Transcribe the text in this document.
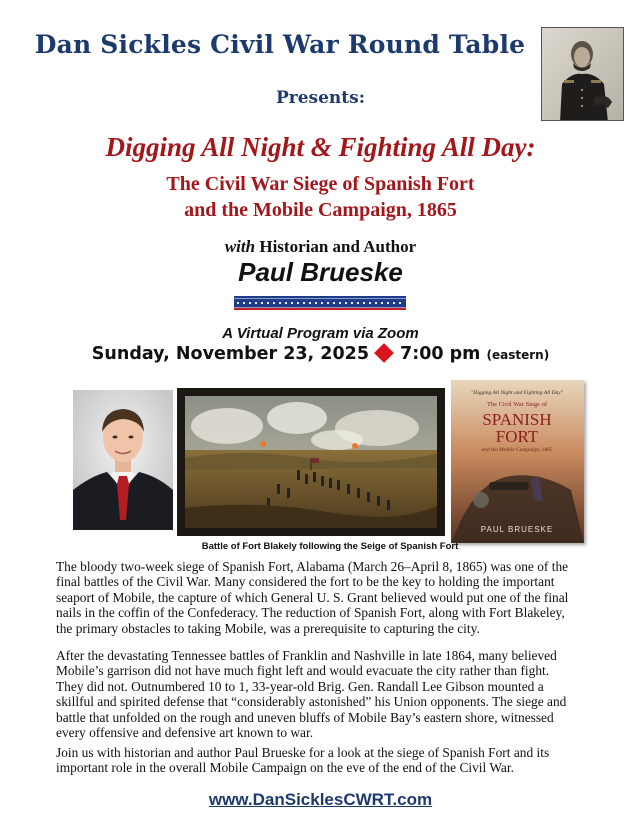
Dan Sickles Civil War Round Table
Presents:
Digging All Night & Fighting All Day:
The Civil War Siege of Spanish Fort
and the Mobile Campaign, 1865
with Historian and Author
Paul Brueske
A Virtual Program via Zoom
Sunday, November 23, 2025 7:00 pm (eastern)
"Digging All Night and Fighting All Day"
The Civil War Siege of
SPANISH
FORT
and the Mobile Campaign, 1865
PAUL BRUESKE
Battle of Fort Blakely following the Seige of Spanish Fort
The bloody two-week siege of Spanish Fort, Alabama (March 26–April 8, 1865) was one of the
final battles of the Civil War. Many considered the fort to be the key to holding the important
seaport of Mobile, the capture of which General U. S. Grant believed would put one of the final
nails in the coffin of the Confederacy. The reduction of Spanish Fort, along with Fort Blakeley,
the primary obstacles to taking Mobile, was a prerequisite to capturing the city.
After the devastating Tennessee battles of Franklin and Nashville in late 1864, many believed
Mobile’s garrison did not have much fight left and would evacuate the city rather than fight.
They did not. Outnumbered 10 to 1, 33-year-old Brig. Gen. Randall Lee Gibson mounted a
skillful and spirited defense that “considerably astonished” his Union opponents. The siege and
battle that unfolded on the rough and uneven bluffs of Mobile Bay’s eastern shore, witnessed
every offensive and defensive art known to war.
Join us with historian and author Paul Brueske for a look at the siege of Spanish Fort and its
important role in the overall Mobile Campaign on the eve of the end of the Civil War.
www.DanSicklesCWRT.com
